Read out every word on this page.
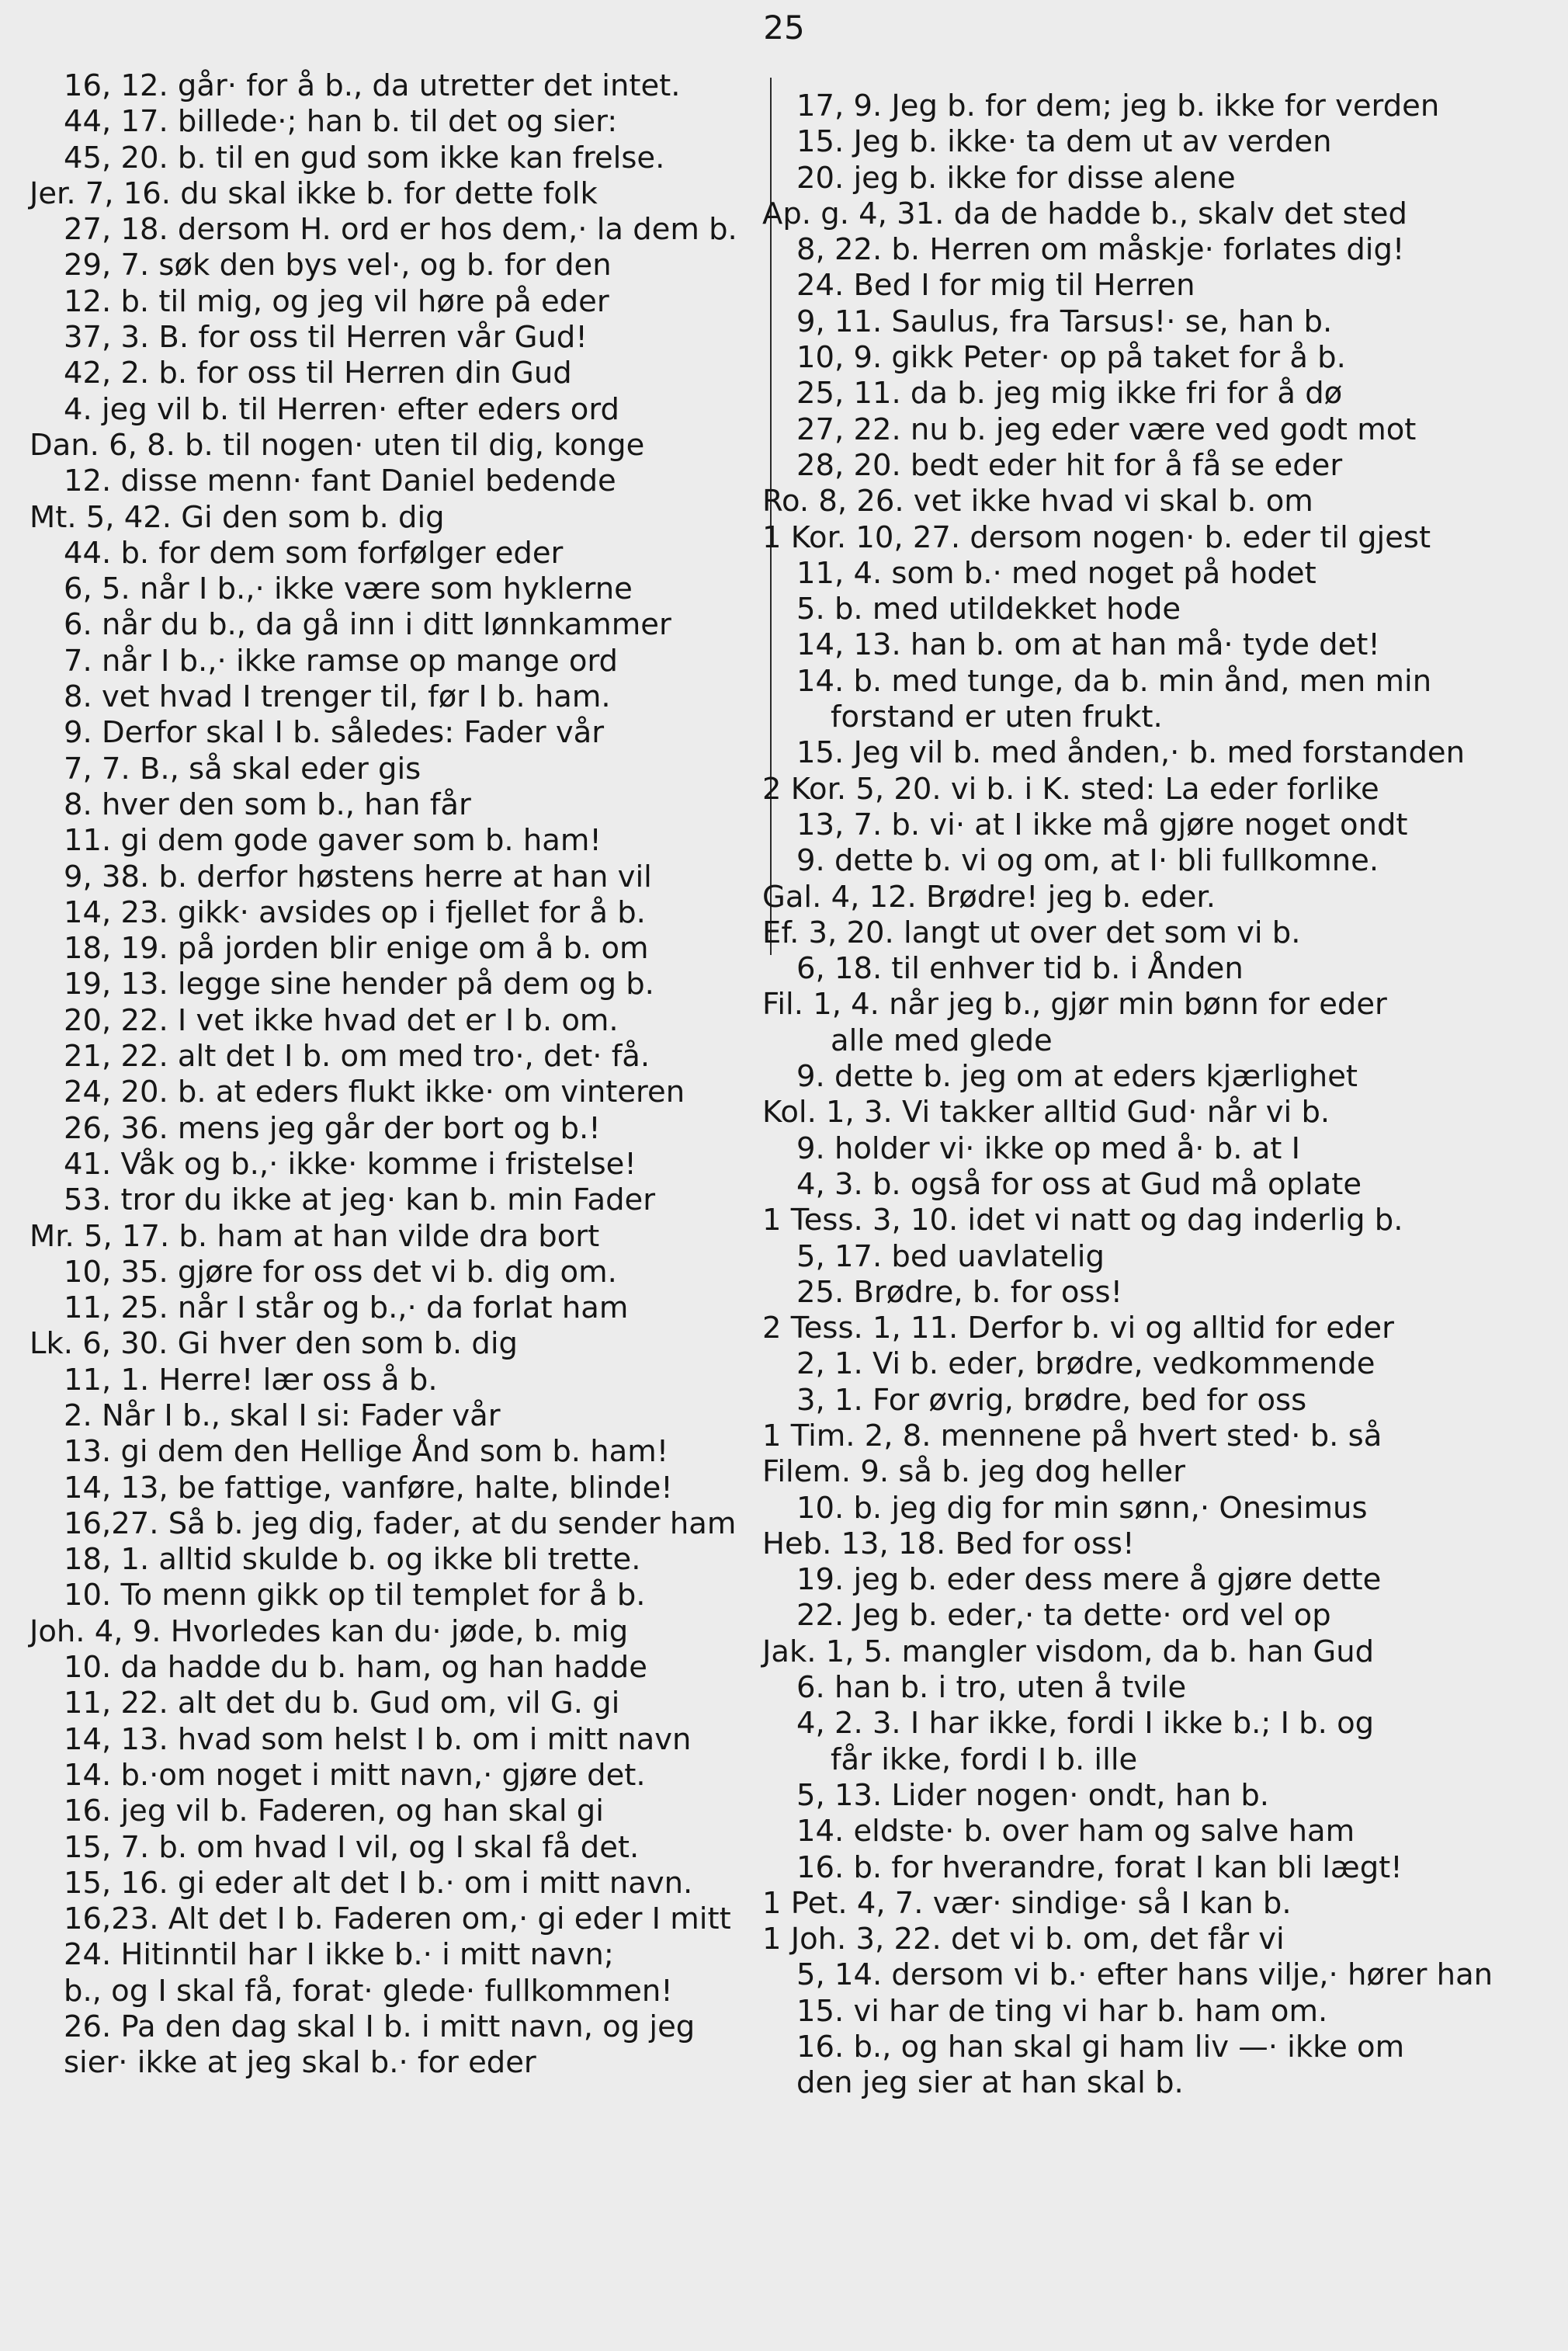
25
16, 12. går· for å b., da utretter det intet.
44, 17. billede·; han b. til det og sier:
45, 20. b. til en gud som ikke kan frelse.
Jer. 7, 16. du skal ikke b. for dette folk
27, 18. dersom H. ord er hos dem,· la dem b.
29, 7. søk den bys vel·, og b. for den
12. b. til mig, og jeg vil høre på eder
37, 3. B. for oss til Herren vår Gud!
42, 2. b. for oss til Herren din Gud
4. jeg vil b. til Herren· efter eders ord
Dan. 6, 8. b. til nogen· uten til dig, konge
12. disse menn· fant Daniel bedende
Mt. 5, 42. Gi den som b. dig
44. b. for dem som forfølger eder
6, 5. når I b.,· ikke være som hyklerne
6. når du b., da gå inn i ditt lønnkammer
7. når I b.,· ikke ramse op mange ord
8. vet hvad I trenger til, før I b. ham.
9. Derfor skal I b. således: Fader vår
7, 7. B., så skal eder gis
8. hver den som b., han får
11. gi dem gode gaver som b. ham!
9, 38. b. derfor høstens herre at han vil
14, 23. gikk· avsides op i fjellet for å b.
18, 19. på jorden blir enige om å b. om
19, 13. legge sine hender på dem og b.
20, 22. I vet ikke hvad det er I b. om.
21, 22. alt det I b. om med tro·, det· få.
24, 20. b. at eders flukt ikke· om vinteren
26, 36. mens jeg går der bort og b.!
41. Våk og b.,· ikke· komme i fristelse!
53. tror du ikke at jeg· kan b. min Fader
Mr. 5, 17. b. ham at han vilde dra bort
10, 35. gjøre for oss det vi b. dig om.
11, 25. når I står og b.,· da forlat ham
Lk. 6, 30. Gi hver den som b. dig
11, 1. Herre! lær oss å b.
2. Når I b., skal I si: Fader vår
13. gi dem den Hellige Ånd som b. ham!
14, 13, be fattige, vanføre, halte, blinde!
16,27. Så b. jeg dig, fader, at du sender ham
18, 1. alltid skulde b. og ikke bli trette.
10. To menn gikk op til templet for å b.
Joh. 4, 9. Hvorledes kan du· jøde, b. mig
10. da hadde du b. ham, og han hadde
11, 22. alt det du b. Gud om, vil G. gi
14, 13. hvad som helst I b. om i mitt navn
14. b.·om noget i mitt navn,· gjøre det.
16. jeg vil b. Faderen, og han skal gi
15, 7. b. om hvad I vil, og I skal få det.
15, 16. gi eder alt det I b.· om i mitt navn.
16,23. Alt det I b. Faderen om,· gi eder I mitt
24. Hitinntil har I ikke b.· i mitt navn;
b., og I skal få, forat· glede· fullkommen!
26. Pa den dag skal I b. i mitt navn, og jeg
sier· ikke at jeg skal b.· for eder
17, 9. Jeg b. for dem; jeg b. ikke for verden
15. Jeg b. ikke· ta dem ut av verden
20. jeg b. ikke for disse alene
Ap. g. 4, 31. da de hadde b., skalv det sted
8, 22. b. Herren om måskje· forlates dig!
24. Bed I for mig til Herren
9, 11. Saulus, fra Tarsus!· se, han b.
10, 9. gikk Peter· op på taket for å b.
25, 11. da b. jeg mig ikke fri for å dø
27, 22. nu b. jeg eder være ved godt mot
28, 20. bedt eder hit for å få se eder
Ro. 8, 26. vet ikke hvad vi skal b. om
1 Kor. 10, 27. dersom nogen· b. eder til gjest
11, 4. som b.· med noget på hodet
5. b. med utildekket hode
14, 13. han b. om at han må· tyde det!
14. b. med tunge, da b. min ånd, men min
forstand er uten frukt.
15. Jeg vil b. med ånden,· b. med forstanden
2 Kor. 5, 20. vi b. i K. sted: La eder forlike
13, 7. b. vi· at I ikke må gjøre noget ondt
9. dette b. vi og om, at I· bli fullkomne.
Gal. 4, 12. Brødre! jeg b. eder.
Ef. 3, 20. langt ut over det som vi b.
6, 18. til enhver tid b. i Ånden
Fil. 1, 4. når jeg b., gjør min bønn for eder
alle med glede
9. dette b. jeg om at eders kjærlighet
Kol. 1, 3. Vi takker alltid Gud· når vi b.
9. holder vi· ikke op med å· b. at I
4, 3. b. også for oss at Gud må oplate
1 Tess. 3, 10. idet vi natt og dag inderlig b.
5, 17. bed uavlatelig
25. Brødre, b. for oss!
2 Tess. 1, 11. Derfor b. vi og alltid for eder
2, 1. Vi b. eder, brødre, vedkommende
3, 1. For øvrig, brødre, bed for oss
1 Tim. 2, 8. mennene på hvert sted· b. så
Filem. 9. så b. jeg dog heller
10. b. jeg dig for min sønn,· Onesimus
Heb. 13, 18. Bed for oss!
19. jeg b. eder dess mere å gjøre dette
22. Jeg b. eder,· ta dette· ord vel op
Jak. 1, 5. mangler visdom, da b. han Gud
6. han b. i tro, uten å tvile
4, 2. 3. I har ikke, fordi I ikke b.; I b. og
får ikke, fordi I b. ille
5, 13. Lider nogen· ondt, han b.
14. eldste· b. over ham og salve ham
16. b. for hverandre, forat I kan bli lægt!
1 Pet. 4, 7. vær· sindige· så I kan b.
1 Joh. 3, 22. det vi b. om, det får vi
5, 14. dersom vi b.· efter hans vilje,· hører han
15. vi har de ting vi har b. ham om.
16. b., og han skal gi ham liv —· ikke om
den jeg sier at han skal b.
